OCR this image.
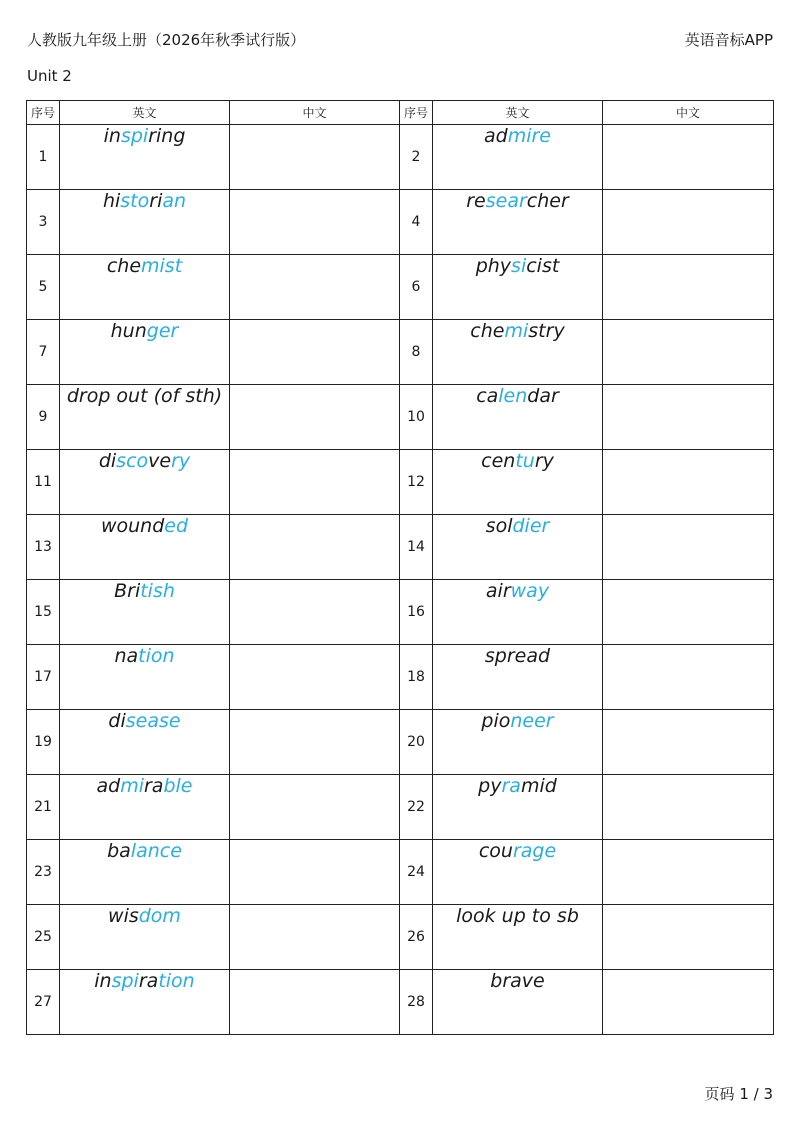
人教版九年级上册（2026年秋季试行版）	英语音标APP
Unit 2
序号	英文	中文	序号	英文	中文
1	inspiring		2	admire	
3	historian		4	researcher	
5	chemist		6	physicist	
7	hunger		8	chemistry	
9	drop out (of sth)		10	calendar	
11	discovery		12	century	
13	wounded		14	soldier	
15	British		16	airway	
17	nation		18	spread	
19	disease		20	pioneer	
21	admirable		22	pyramid	
23	balance		24	courage	
25	wisdom		26	look up to sb	
27	inspiration		28	brave	
页码 1 / 3
